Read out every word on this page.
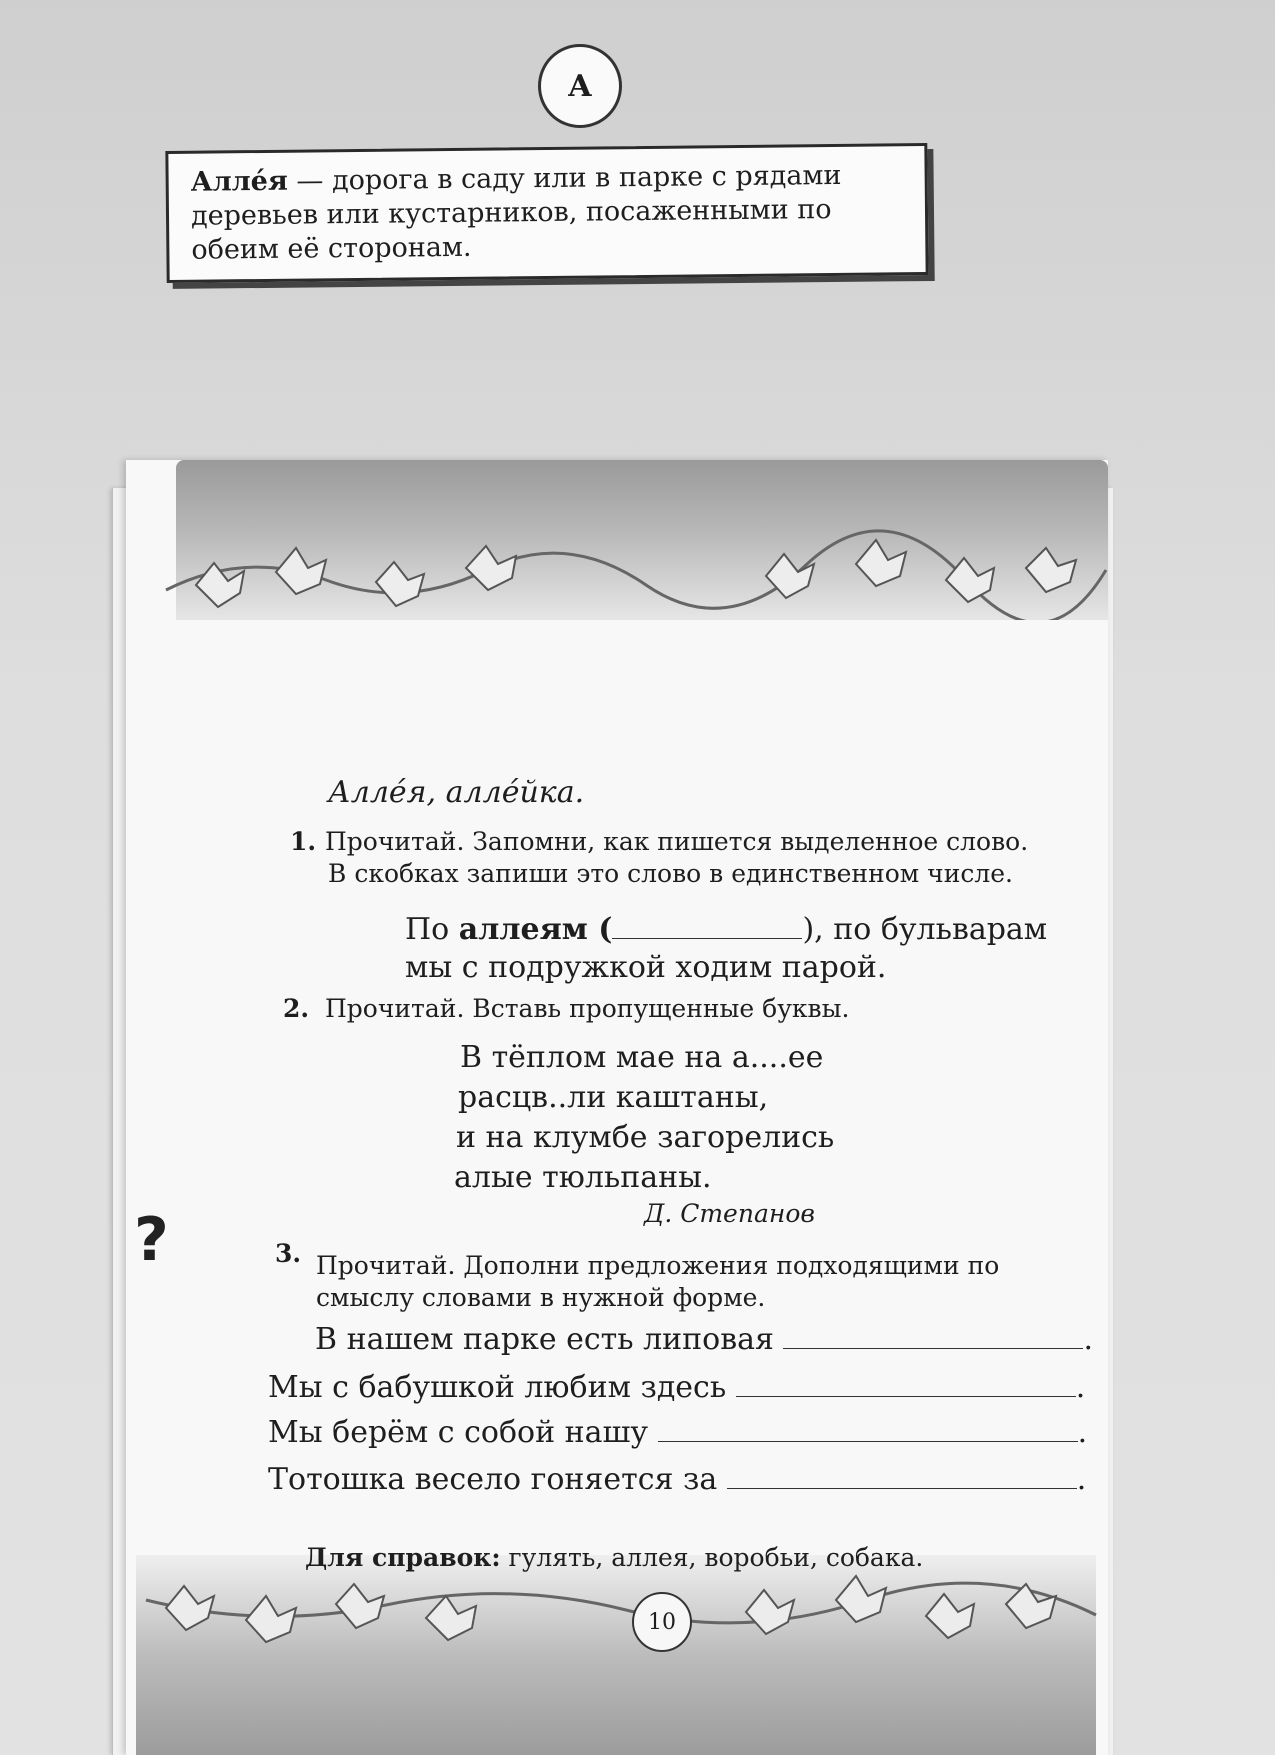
А
Алле́я — дорога в саду или в парке с рядами
деревьев или кустарников, посаженными по
обеим её сторонам.
Алле́я, алле́йка.
1. Прочитай. Запомни, как пишется выделенное слово.
В скобках запиши это слово в единственном числе.
По аллеям (	), по бульварам
мы с подружкой ходим парой.
2. Прочитай. Вставь пропущенные буквы.
В тёплом мае на а....ее
расцв..ли каштаны,
и на клумбе загорелись
алые тюльпаны.
Д. Степанов
3. Прочитай. Дополни предложения подходящими по
смыслу словами в нужной форме.
В нашем парке есть липовая	.
Мы с бабушкой любим здесь	.
Мы берём с собой нашу	.
Тотошка весело гоняется за	.
?
Для справок: гулять, аллея, воробьи, собака.
10
